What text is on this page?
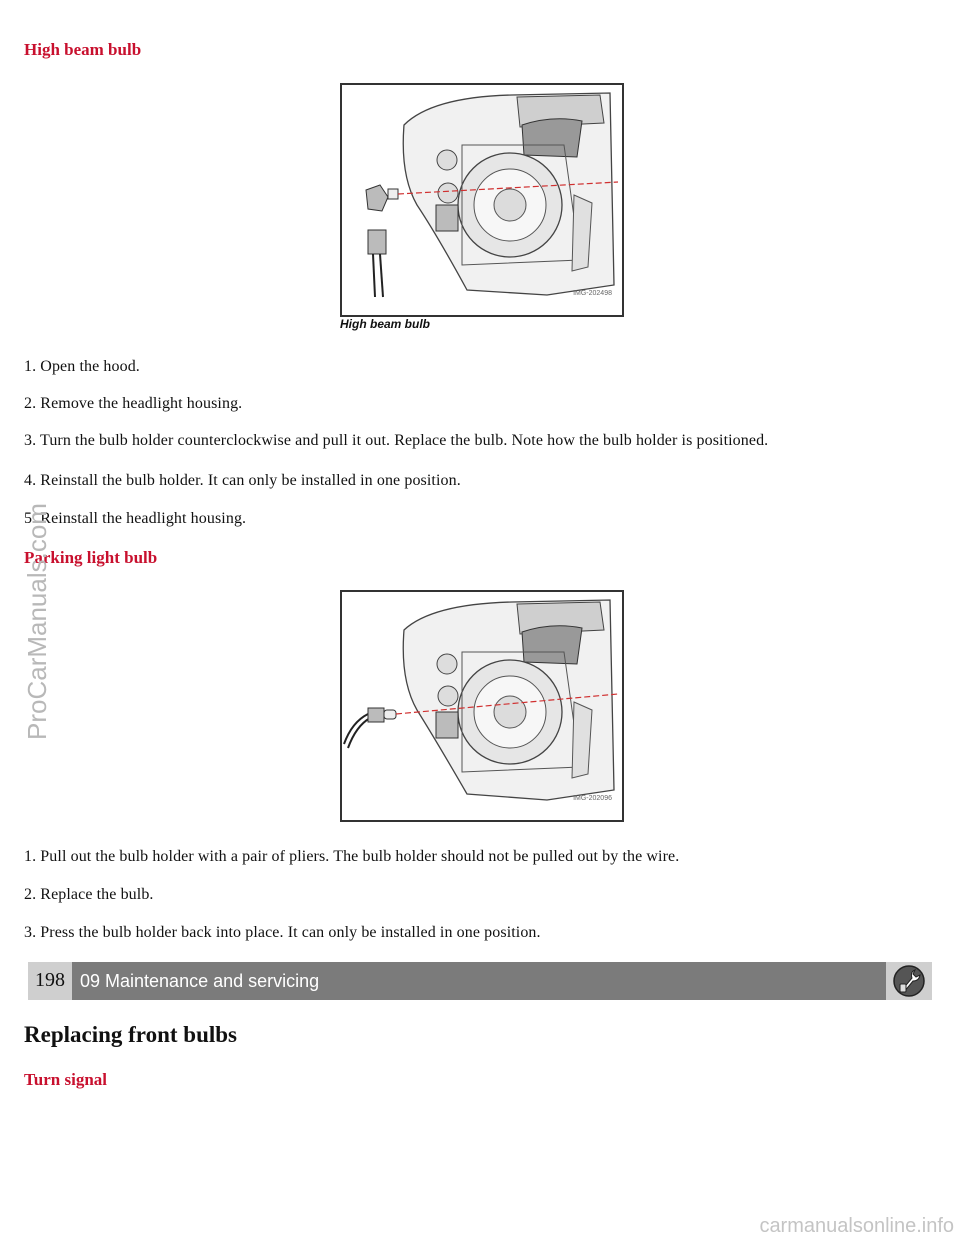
High beam bulb
IMG-202498

High beam bulb

1. Open the hood.

2. Remove the headlight housing.

3. Turn the bulb holder counterclockwise and pull it out. Replace the bulb. Note how the bulb holder is positioned.

4. Reinstall the bulb holder. It can only be installed in one position.

5. Reinstall the headlight housing.

Parking light bulb
IMG-202096

1. Pull out the bulb holder with a pair of pliers. The bulb holder should not be pulled out by the wire.

2. Replace the bulb.

3. Press the bulb holder back into place. It can only be installed in one position.

198 09 Maintenance and servicing
Replacing front bulbs
Turn signal
ProCarManuals.com
carmanualsonline.info
